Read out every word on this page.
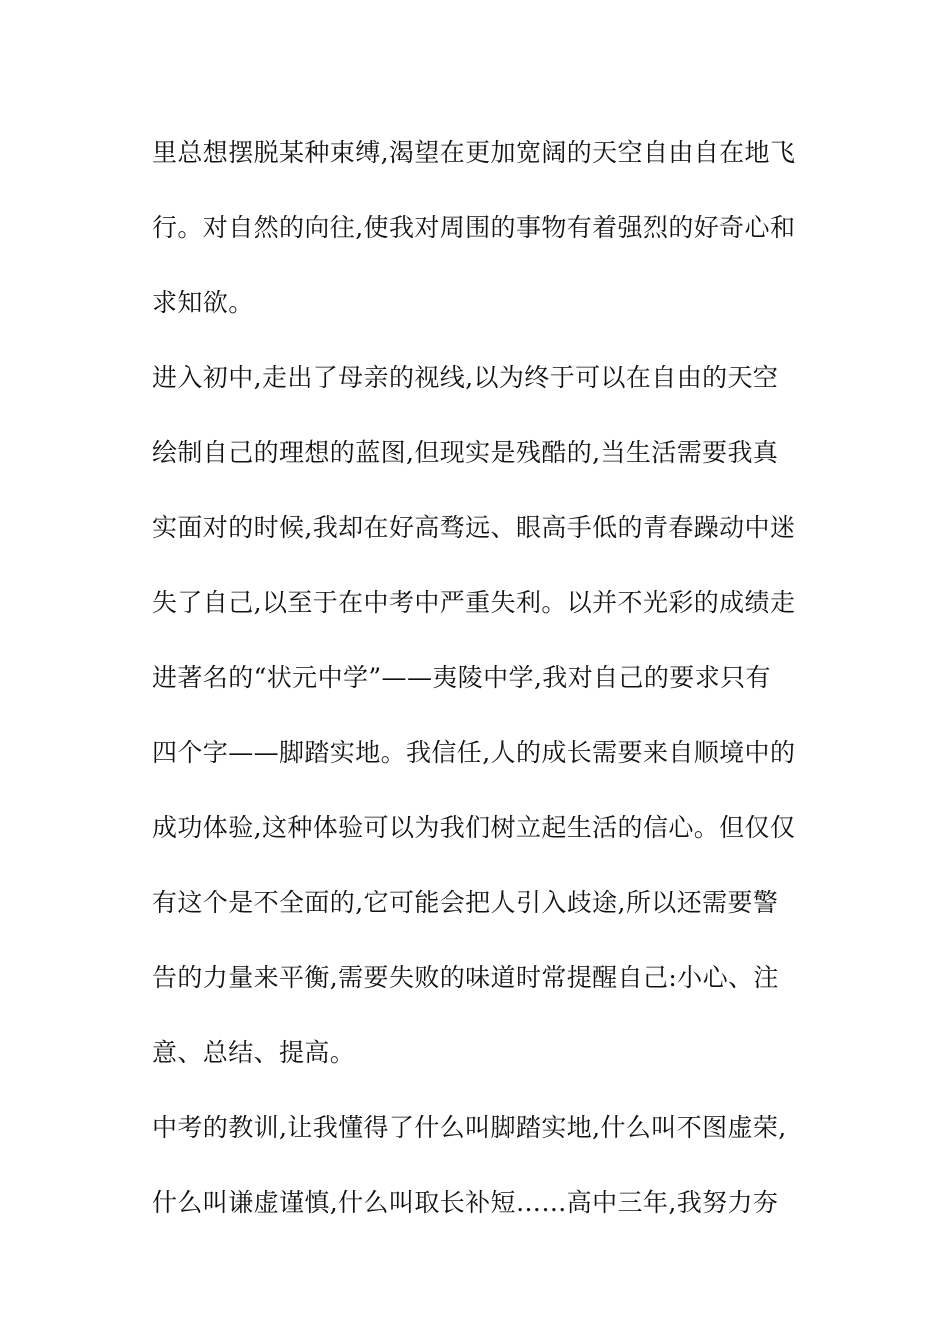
里总想摆脱某种束缚,渴望在更加宽阔的天空自由自在地飞
行。对自然的向往,使我对周围的事物有着强烈的好奇心和
求知欲。
进入初中,走出了母亲的视线,以为终于可以在自由的天空
绘制自己的理想的蓝图,但现实是残酷的,当生活需要我真
实面对的时候,我却在好高骛远、眼高手低的青春躁动中迷
失了自己,以至于在中考中严重失利。以并不光彩的成绩走
进著名的“状元中学”——夷陵中学,我对自己的要求只有
四个字——脚踏实地。我信任,人的成长需要来自顺境中的
成功体验,这种体验可以为我们树立起生活的信心。但仅仅
有这个是不全面的,它可能会把人引入歧途,所以还需要警
告的力量来平衡,需要失败的味道时常提醒自己:小心、注
意、总结、提高。
中考的教训,让我懂得了什么叫脚踏实地,什么叫不图虚荣,
什么叫谦虚谨慎,什么叫取长补短……高中三年,我努力夯
